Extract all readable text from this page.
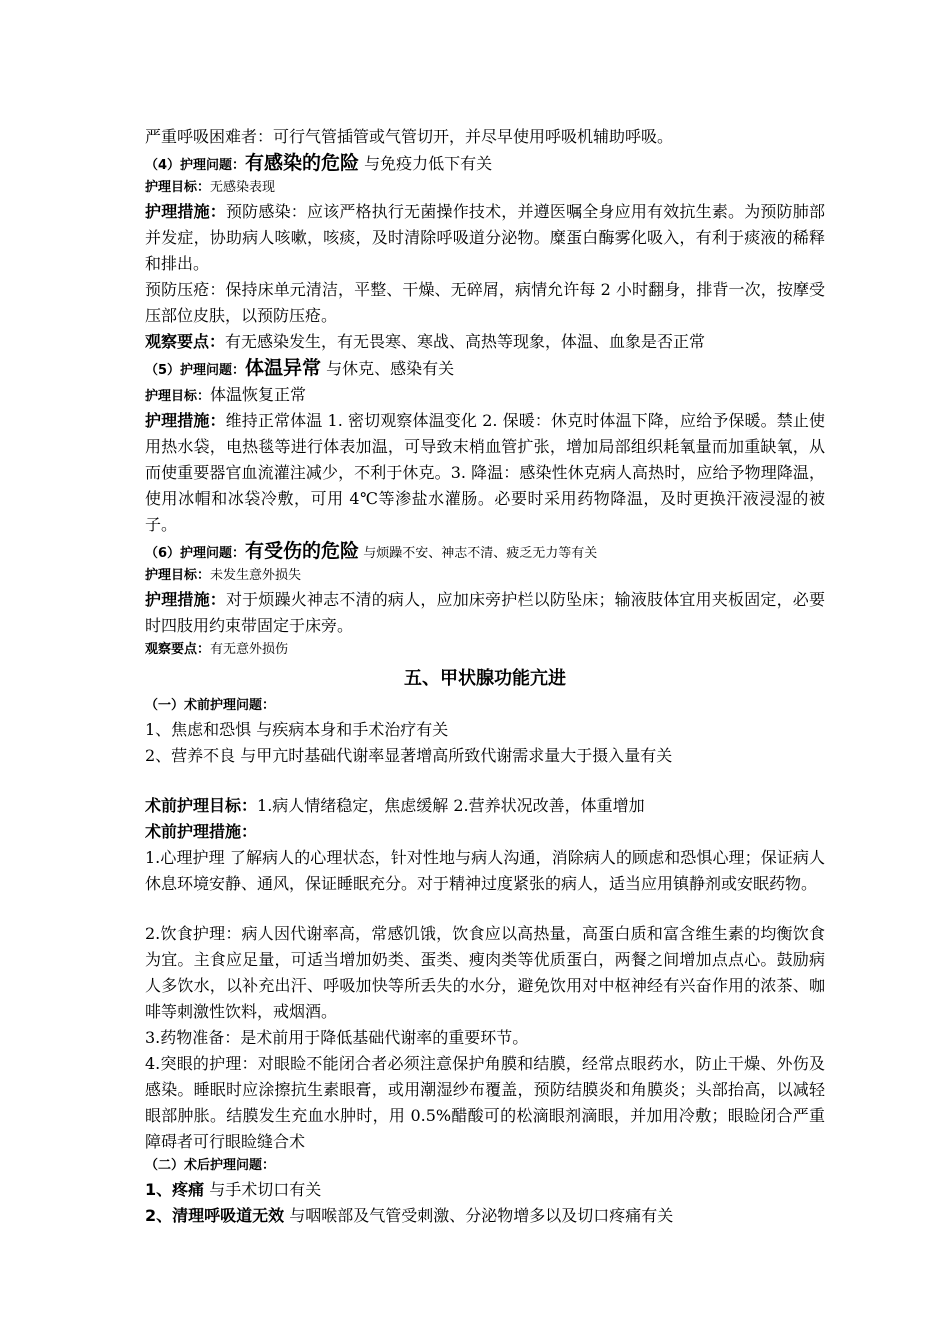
严重呼吸困难者：可行气管插管或气管切开，并尽早使用呼吸机辅助呼吸。

（4）护理问题：有感染的危险 与免疫力低下有关

护理目标：无感染表现

护理措施：预防感染：应该严格执行无菌操作技术，并遵医嘱全身应用有效抗生素。为预防肺部并发症，协助病人咳嗽，咳痰，及时清除呼吸道分泌物。糜蛋白酶雾化吸入，有利于痰液的稀释和排出。

预防压疮：保持床单元清洁，平整、干燥、无碎屑，病情允许每 2 小时翻身，排背一次，按摩受压部位皮肤，以预防压疮。

观察要点：有无感染发生，有无畏寒、寒战、高热等现象，体温、血象是否正常

（5）护理问题：体温异常 与休克、感染有关

护理目标：体温恢复正常

护理措施：维持正常体温 1. 密切观察体温变化 2. 保暖：休克时体温下降，应给予保暖。禁止使用热水袋，电热毯等进行体表加温，可导致末梢血管扩张，增加局部组织耗氧量而加重缺氧，从而使重要器官血流灌注减少，不利于休克。3. 降温：感染性休克病人高热时，应给予物理降温，使用冰帽和冰袋冷敷，可用 4℃等渗盐水灌肠。必要时采用药物降温，及时更换汗液浸湿的被子。

（6）护理问题：有受伤的危险 与烦躁不安、神志不清、疲乏无力等有关

护理目标：未发生意外损失

护理措施：对于烦躁火神志不清的病人，应加床旁护栏以防坠床；输液肢体宜用夹板固定，必要时四肢用约束带固定于床旁。

观察要点：有无意外损伤

五、甲状腺功能亢进

（一）术前护理问题：

1、焦虑和恐惧 与疾病本身和手术治疗有关

2、营养不良 与甲亢时基础代谢率显著增高所致代谢需求量大于摄入量有关

术前护理目标：1.病人情绪稳定，焦虑缓解 2.营养状况改善，体重增加

术前护理措施：

1.心理护理 了解病人的心理状态，针对性地与病人沟通，消除病人的顾虑和恐惧心理；保证病人休息环境安静、通风，保证睡眠充分。对于精神过度紧张的病人，适当应用镇静剂或安眠药物。

2.饮食护理：病人因代谢率高，常感饥饿，饮食应以高热量，高蛋白质和富含维生素的均衡饮食为宜。主食应足量，可适当增加奶类、蛋类、瘦肉类等优质蛋白，两餐之间增加点点心。鼓励病人多饮水，以补充出汗、呼吸加快等所丢失的水分，避免饮用对中枢神经有兴奋作用的浓茶、咖啡等刺激性饮料，戒烟酒。

3.药物准备：是术前用于降低基础代谢率的重要环节。

4.突眼的护理：对眼睑不能闭合者必须注意保护角膜和结膜，经常点眼药水，防止干燥、外伤及感染。睡眠时应涂擦抗生素眼膏，或用潮湿纱布覆盖，预防结膜炎和角膜炎；头部抬高，以减轻眼部肿胀。结膜发生充血水肿时，用 0.5%醋酸可的松滴眼剂滴眼，并加用冷敷；眼睑闭合严重障碍者可行眼睑缝合术

（二）术后护理问题：

1、疼痛 与手术切口有关

2、清理呼吸道无效 与咽喉部及气管受刺激、分泌物增多以及切口疼痛有关
